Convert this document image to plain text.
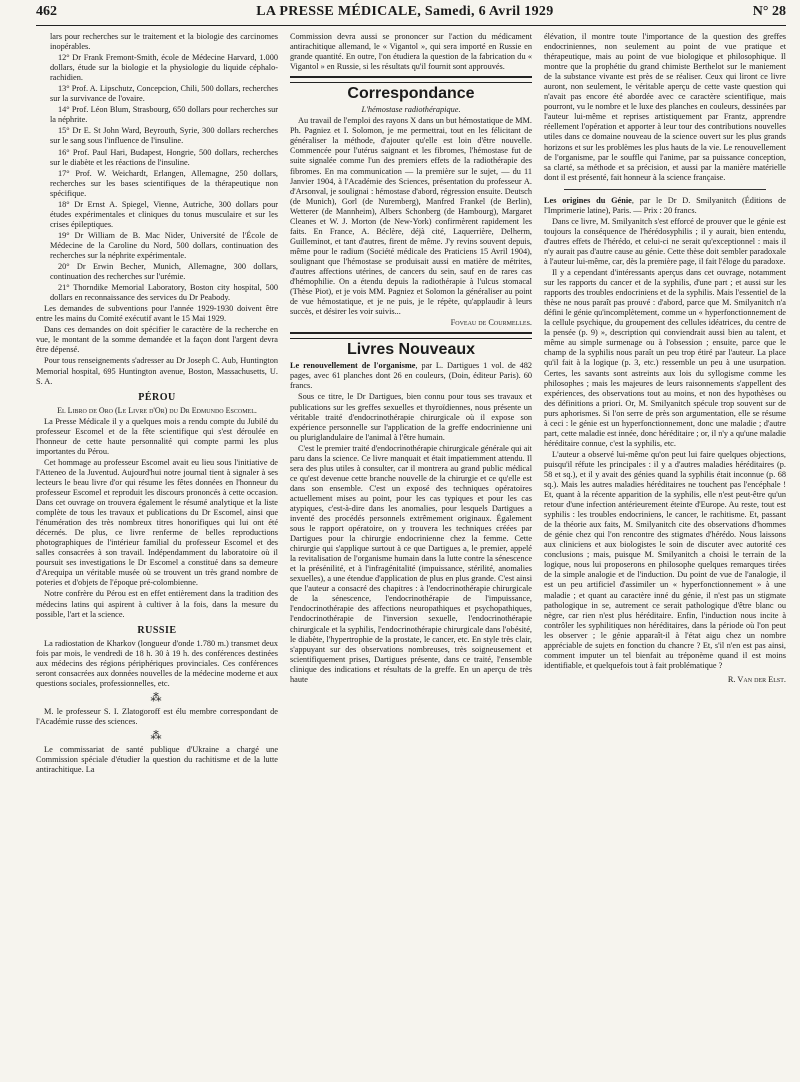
462	LA PRESSE MÉDICALE, Samedi, 6 Avril 1929	N° 28

lars pour recherches sur le traitement et la biologie des carcinomes inopérables.

12° Dr Frank Fremont-Smith, école de Médecine Harvard, 1.000 dollars, étude sur la biologie et la physiologie du liquide céphalo-rachidien.

13° Prof. A. Lipschutz, Concepcion, Chili, 500 dollars, recherches sur la survivance de l'ovaire.

14° Prof. Léon Blum, Strasbourg, 650 dollars pour recherches sur la néphrite.

15° Dr E. St John Ward, Beyrouth, Syrie, 300 dollars recherches sur le sang sous l'influence de l'insuline.

16° Prof. Paul Hari, Budapest, Hongrie, 500 dollars, recherches sur le diabète et les réactions de l'insuline.

17° Prof. W. Weichardt, Erlangen, Allemagne, 250 dollars, recherches sur les bases scientifiques de la thérapeutique non spécifique.

18° Dr Ernst A. Spiegel, Vienne, Autriche, 300 dollars pour études expérimentales et cliniques du tonus musculaire et sur les crises épileptiques.

19° Dr William de B. Mac Nider, Université de l'École de Médecine de la Caroline du Nord, 500 dollars, continuation des recherches sur la néphrite expérimentale.

20° Dr Erwin Becher, Munich, Allemagne, 300 dollars, continuation des recherches sur l'urémie.

21° Thorndike Memorial Laboratory, Boston city hospital, 500 dollars en reconnaissance des services du Dr Peabody.

Les demandes de subventions pour l'année 1929-1930 doivent être entre les mains du Comité exécutif avant le 15 Mai 1929.

Dans ces demandes on doit spécifier le caractère de la recherche en vue, le montant de la somme demandée et la façon dont l'argent devra être dépensé.

Pour tous renseignements s'adresser au Dr Joseph C. Aub, Huntington Memorial hospital, 695 Huntington avenue, Boston, Massachusetts, U. S. A.

PÉROU

El Libro de Oro (Le Livre d'Or) du Dr Edmundo Escomel.

La Presse Médicale il y a quelques mois a rendu compte du Jubilé du professeur Escomel et de la fête scientifique qui s'est déroulée en l'honneur de cette haute personnalité qui compte parmi les plus importantes du Pérou.

Cet hommage au professeur Escomel avait eu lieu sous l'initiative de l'Atteneo de la Juventud. Aujourd'hui notre journal tient à signaler à ses lecteurs le beau livre d'or qui résume les fêtes données en l'honneur du professeur Escomel et reproduit les discours prononcés à cette occasion. Dans cet ouvrage on trouvera également le résumé analytique et la liste complète de tous les travaux et publications du Dr Escomel, ainsi que l'énumération des très nombreux titres honorifiques qui lui ont été décernés. De plus, ce livre renferme de belles reproductions photographiques de l'intérieur familial du professeur Escomel et des salles consacrées à son travail. Indépendamment du laboratoire où il poursuit ses investigations le Dr Escomel a constitué dans sa demeure d'Arequipa un véritable musée où se trouvent un très grand nombre de poteries et d'objets de l'époque pré-colombienne.

Notre confrère du Pérou est en effet entièrement dans la tradition des médecins latins qui aspirent à cultiver à la fois, dans la mesure du possible, l'art et la science.

RUSSIE

La radiostation de Kharkov (longueur d'onde 1.780 m.) transmet deux fois par mois, le vendredi de 18 h. 30 à 19 h. des conférences destinées aux médecins des régions périphériques provinciales. Ces conférences seront consacrées aux données nouvelles de la médecine moderne et aux questions sociales, professionnelles, etc.

⁂

M. le professeur S. I. Zlatogoroff est élu membre correspondant de l'Académie russe des sciences.

⁂

Le commissariat de santé publique d'Ukraine a chargé une Commission spéciale d'étudier la question du rachitisme et de la lutte antirachitique. La

Commission devra aussi se prononcer sur l'action du médicament antirachitique allemand, le « Vigantol », qui sera importé en Russie en grande quantité. En outre, l'on étudiera la question de la fabrication du « Vigantol » en Russie, si les résultats qu'il fournit sont approuvés.

Correspondance

L'hémostase radiothérapique.

Au travail de l'emploi des rayons X dans un but hémostatique de MM. Ph. Pagniez et I. Solomon, je me permettrai, tout en les félicitant de généraliser la méthode, d'ajouter qu'elle est loin d'être nouvelle. Commencée pour l'utérus saignant et les fibromes, l'hémostase fut de suite signalée comme l'un des premiers effets de la radiothérapie des fibromes. En ma communication — la première sur le sujet, — du 11 Janvier 1904, à l'Académie des Sciences, présentation du professeur A. d'Arsonval, je soulignai : hémostase d'abord, régression ensuite. Deutsch (de Munich), Gorl (de Nuremberg), Manfred Frankel (de Berlin), Wetterer (de Mannheim), Albers Schonberg (de Hambourg), Margaret Cleanes et W. J. Morton (de New-York) confirmèrent rapidement les faits. En France, A. Béclère, déjà cité, Laquerrière, Delherm, Guilleminot, et tant d'autres, firent de même. J'y revins souvent depuis, même pour le radium (Société médicale des Praticiens 15 Avril 1904), soulignant que l'hémostase se produisait aussi en matière de métrites, d'autres affections utérines, de cancers du sein, sauf en de rares cas d'hémophilie. On a étendu depuis la radiothérapie à l'ulcus stomacal (Thèse Piot), et je vois MM. Pagniez et Solomon la généraliser au point de vue hémostatique, et je ne puis, je le répète, qu'applaudir à leurs succès, et désirer les voir suivis...

Foveau de Courmelles.
Livres Nouveaux

Le renouvellement de l'organisme, par L. Dartigues 1 vol. de 482 pages, avec 61 planches dont 26 en couleurs, (Doin, éditeur Paris). 60 francs.

Sous ce titre, le Dr Dartigues, bien connu pour tous ses travaux et publications sur les greffes sexuelles et thyroïdiennes, nous présente un véritable traité d'endocrinothérapie chirurgicale où il expose son expérience personnelle sur l'application de la greffe endocrinienne uni ou pluriglandulaire de l'animal à l'être humain.

C'est le premier traité d'endocrinothérapie chirurgicale générale qui ait paru dans la science. Ce livre manquait et était impatiemment attendu. Il sera des plus utiles à consulter, car il montrera au grand public médical ce qu'est devenue cette branche nouvelle de la chirurgie et ce qu'elle est dans son ensemble. C'est un exposé des techniques opératoires actuellement mises au point, pour les cas typiques et pour les cas atypiques, c'est-à-dire dans les anomalies, pour lesquels Dartigues a inventé des procédés personnels extrêmement originaux. Également sous le rapport opératoire, on y trouvera les techniques créées par Dartigues pour la chirurgie endocrinienne chez la femme. Cette chirurgie qui s'applique surtout à ce que Dartigues a, le premier, appelé la revitalisation de l'organisme humain dans la lutte contre la sénescence et la présénilité, et à l'infragénitalité (impuissance, stérilité, anomalies sexuelles), a une étendue d'application de plus en plus grande. C'est ainsi que l'auteur a consacré des chapitres : à l'endocrinothérapie chirurgicale de la sénescence, l'endocrinothérapie de l'impuissance, l'endocrinothérapie des affections neuropathiques et psychopathiques, l'endocrinothérapie de l'inversion sexuelle, l'endocrinothérapie chirurgicale et la syphilis, l'endocrinothérapie chirurgicale dans l'obésité, le diabète, l'hypertrophie de la prostate, le cancer, etc. En style très clair, s'appuyant sur des observations nombreuses, très soigneusement et scientifiquement prises, Dartigues présente, dans ce traité, l'ensemble clinique des indications et résultats de la greffe. En un aperçu de très haute

élévation, il montre toute l'importance de la question des greffes endocriniennes, non seulement au point de vue pratique et thérapeutique, mais au point de vue biologique et philosophique. Il montre que la prophétie du grand chimiste Berthelot sur le maniement de la substance vivante est près de se réaliser. Ceux qui liront ce livre auront, non seulement, le véritable aperçu de cette vaste question qui n'avait pas encore été abordée avec ce caractère scientifique, mais pourront, vu le nombre et le luxe des planches en couleurs, dessinées par l'auteur lui-même et reprises artistiquement par Frantz, apprendre réellement l'opération et apporter à leur tour des contributions nouvelles utiles dans ce domaine nouveau de la science ouvert sur les plus grands horizons et sur les problèmes les plus hauts de la vie. Le renouvellement de l'organisme, par le souffle qui l'anime, par sa puissance conception, sa clarté, sa méthode et sa précision, et aussi par la manière matérielle dont il est présenté, fait honneur à la science française.

Les origines du Génie, par le Dr D. Smilyanitch (Éditions de l'Imprimerie latine), Paris. — Prix : 20 francs.

Dans ce livre, M. Smilyanitch s'est efforcé de prouver que le génie est toujours la conséquence de l'hérédosyphilis ; il y aurait, bien entendu, d'autres effets de l'hérédo, et celui-ci ne serait qu'exceptionnel : mais il n'y aurait pas d'autre cause au génie. Cette thèse doit sembler paradoxale à l'auteur lui-même, car, dès la première page, il fait l'éloge du paradoxe.

Il y a cependant d'intéressants aperçus dans cet ouvrage, notamment sur les rapports du cancer et de la syphilis, d'une part ; et aussi sur les rapports des troubles endocriniens et de la syphilis. Mais l'essentiel de la thèse ne nous paraît pas prouvé : d'abord, parce que M. Smilyanitch n'a défini le génie qu'incomplètement, comme un « hyperfonctionnement de la cellule psychique, du groupement des cellules idéatrices, du centre de la pensée (p. 9) », description qui conviendrait aussi bien au talent, et même au simple surmenage ou à l'obsession ; ensuite, parce que le champ de la syphilis nous paraît un peu trop étiré par l'auteur. La place qu'il fait à la logique (p. 3, etc.) ressemble un peu à une usurpation. Certes, les savants sont astreints aux lois du syllogisme comme les philosophes ; mais les majeures de leurs raisonnements s'appellent des expériences, des observations tout au moins, et non des hypothèses ou des définitions a priori. Or, M. Smilyanitch spécule trop souvent sur de purs aphorismes. Si l'on serre de près son argumentation, elle se résume à ceci : le génie est un hyperfonctionnement, donc une maladie ; d'autre part, cette maladie est innée, donc héréditaire ; or, il n'y a qu'une maladie héréditaire connue, c'est la syphilis, etc.

L'auteur a observé lui-même qu'on peut lui faire quelques objections, puisqu'il réfute les principales : il y a d'autres maladies héréditaires (p. 58 et sq.), et il y avait des génies quand la syphilis était inconnue (p. 68 sq.). Mais les autres maladies héréditaires ne touchent pas l'encéphale ! Et, quant à la récente apparition de la syphilis, elle n'est peut-être qu'un retour d'une infection antérieurement éteinte d'Europe. Au reste, tout est syphilis : les troubles endocriniens, le cancer, le rachitisme. Et, passant de la théorie aux faits, M. Smilyanitch cite des observations d'hommes de génie chez qui l'on rencontre des stigmates d'hérédo. Nous laissons aux cliniciens et aux biologistes le soin de discuter avec autorité ces conclusions ; mais, puisque M. Smilyanitch a choisi le terrain de la logique, nous lui proposerons en philosophe quelques remarques tirées de la simple analogie et de l'induction. Du point de vue de l'analogie, il est un peu artificiel d'assimiler un « hyperfonctionnement » à une maladie ; et quant au caractère inné du génie, il n'est pas un stigmate pathologique in se, autrement ce serait pathologique d'être blanc ou nègre, car rien n'est plus héréditaire. Enfin, l'induction nous incite à contrôler les syphilitiques non héréditaires, dans la période où l'on peut les observer ; le génie apparaît-il à l'état aigu chez un nombre appréciable de sujets en fonction du chancre ? Et, s'il n'en est pas ainsi, comment imputer un tel bienfait au tréponème quand il est moins identifiable, et quelquefois tout à fait problématique ?

R. Van der Elst.
